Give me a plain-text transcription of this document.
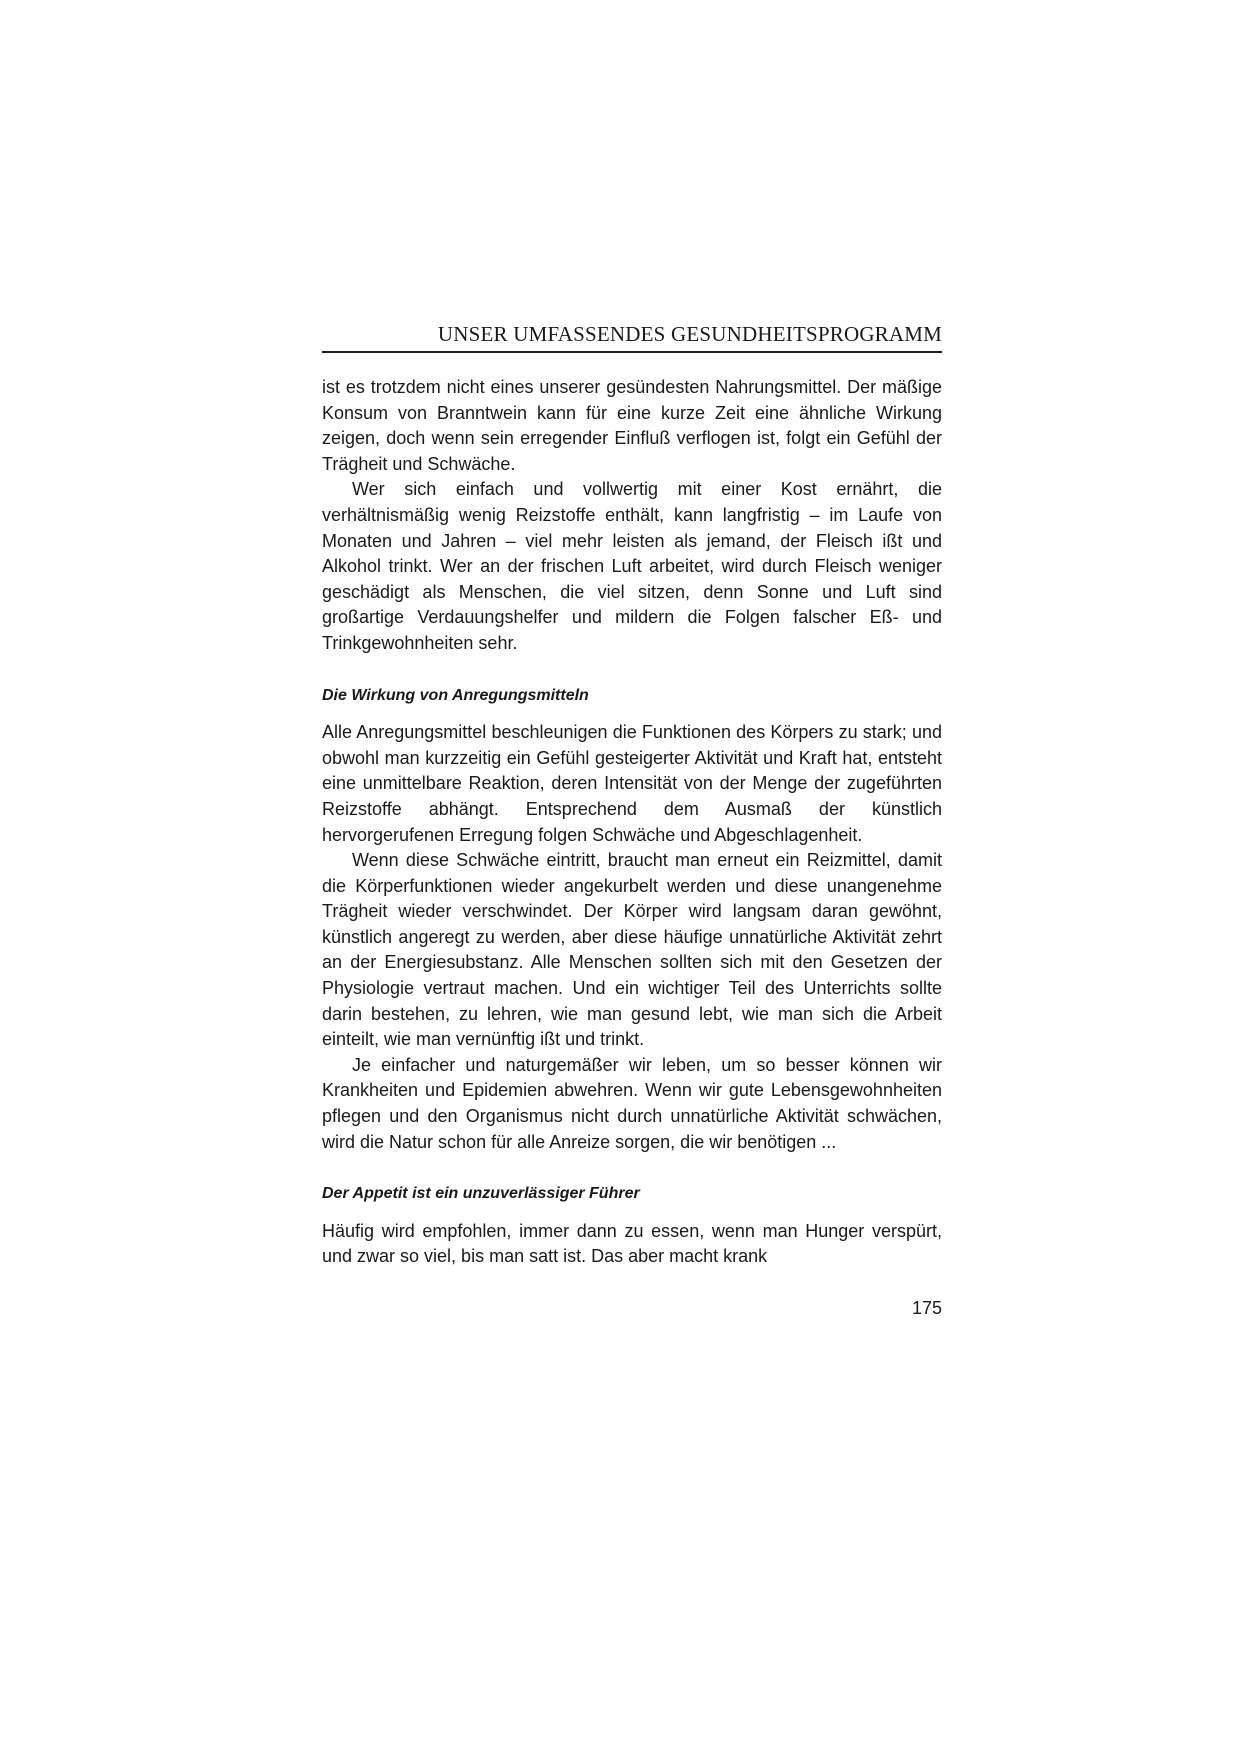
UNSER UMFASSENDES GESUNDHEITSPROGRAMM

ist es trotzdem nicht eines unserer gesündesten Nahrungsmittel. Der mäßige Konsum von Branntwein kann für eine kurze Zeit eine ähnliche Wirkung zeigen, doch wenn sein erregender Einfluß verflogen ist, folgt ein Gefühl der Trägheit und Schwäche.

Wer sich einfach und vollwertig mit einer Kost ernährt, die verhältnismäßig wenig Reizstoffe enthält, kann langfristig – im Laufe von Monaten und Jahren – viel mehr leisten als jemand, der Fleisch ißt und Alkohol trinkt. Wer an der frischen Luft arbeitet, wird durch Fleisch weniger geschädigt als Menschen, die viel sitzen, denn Sonne und Luft sind großartige Verdauungshelfer und mildern die Folgen falscher Eß- und Trinkgewohnheiten sehr.

Die Wirkung von Anregungsmitteln

Alle Anregungsmittel beschleunigen die Funktionen des Körpers zu stark; und obwohl man kurzzeitig ein Gefühl gesteigerter Aktivität und Kraft hat, entsteht eine unmittelbare Reaktion, deren Intensität von der Menge der zugeführten Reizstoffe abhängt. Entsprechend dem Ausmaß der künstlich hervorgerufenen Erregung folgen Schwäche und Abgeschlagenheit.

Wenn diese Schwäche eintritt, braucht man erneut ein Reizmittel, damit die Körperfunktionen wieder angekurbelt werden und diese unangenehme Trägheit wieder verschwindet. Der Körper wird langsam daran gewöhnt, künstlich angeregt zu werden, aber diese häufige unnatürliche Aktivität zehrt an der Energiesubstanz. Alle Menschen sollten sich mit den Gesetzen der Physiologie vertraut machen. Und ein wichtiger Teil des Unterrichts sollte darin bestehen, zu lehren, wie man gesund lebt, wie man sich die Arbeit einteilt, wie man vernünftig ißt und trinkt.

Je einfacher und naturgemäßer wir leben, um so besser können wir Krankheiten und Epidemien abwehren. Wenn wir gute Lebensgewohnheiten pflegen und den Organismus nicht durch unnatürliche Aktivität schwächen, wird die Natur schon für alle Anreize sorgen, die wir benötigen ...

Der Appetit ist ein unzuverlässiger Führer

Häufig wird empfohlen, immer dann zu essen, wenn man Hunger verspürt, und zwar so viel, bis man satt ist. Das aber macht krank

175
